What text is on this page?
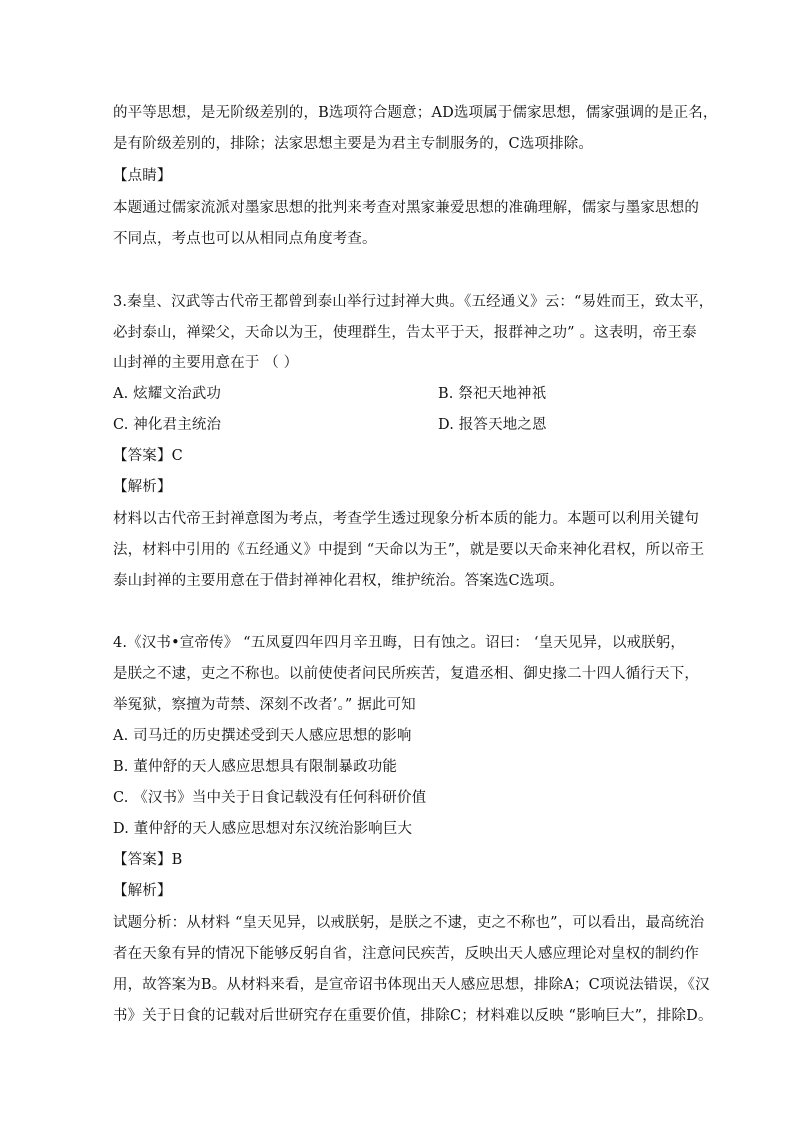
的平等思想，是无阶级差别的，B选项符合题意；AD选项属于儒家思想，儒家强调的是正名，
是有阶级差别的，排除；法家思想主要是为君主专制服务的，C选项排除。
【点睛】
本题通过儒家流派对墨家思想的批判来考查对黑家兼爱思想的准确理解，儒家与墨家思想的
不同点，考点也可以从相同点角度考查。
3.秦皇、汉武等古代帝王都曾到泰山举行过封禅大典。《五经通义》云：“易姓而王，致太平，
必封泰山，禅梁父，天命以为王，使理群生，告太平于天，报群神之功” 。这表明，帝王泰
山封禅的主要用意在于 （ ）
A. 炫耀文治武功	B. 祭祀天地神祇
C. 神化君主统治	D. 报答天地之恩
【答案】C
【解析】
材料以古代帝王封禅意图为考点，考查学生透过现象分析本质的能力。本题可以利用关键句
法，材料中引用的《五经通义》中提到 “天命以为王”，就是要以天命来神化君权，所以帝王
泰山封禅的主要用意在于借封禅神化君权，维护统治。答案选C选项。
4.《汉书•宣帝传》 “五凤夏四年四月辛丑晦，日有蚀之。诏曰： ‘皇天见异，以戒朕躬，
是朕之不逮，吏之不称也。以前使使者问民所疾苦，复遣丞相、御史掾二十四人循行天下，
举冤狱，察擅为苛禁、深刻不改者’。” 据此可知
A. 司马迁的历史撰述受到天人感应思想的影响
B. 董仲舒的天人感应思想具有限制暴政功能
C. 《汉书》当中关于日食记载没有任何科研价值
D. 董仲舒的天人感应思想对东汉统治影响巨大
【答案】B
【解析】
试题分析：从材料 “皇天见异，以戒朕躬，是朕之不逮，吏之不称也”，可以看出，最高统治
者在天象有异的情况下能够反躬自省，注意问民疾苦，反映出天人感应理论对皇权的制约作
用，故答案为B。从材料来看，是宣帝诏书体现出天人感应思想，排除A；C项说法错误，《汉
书》关于日食的记载对后世研究存在重要价值，排除C；材料难以反映 “影响巨大”，排除D。
